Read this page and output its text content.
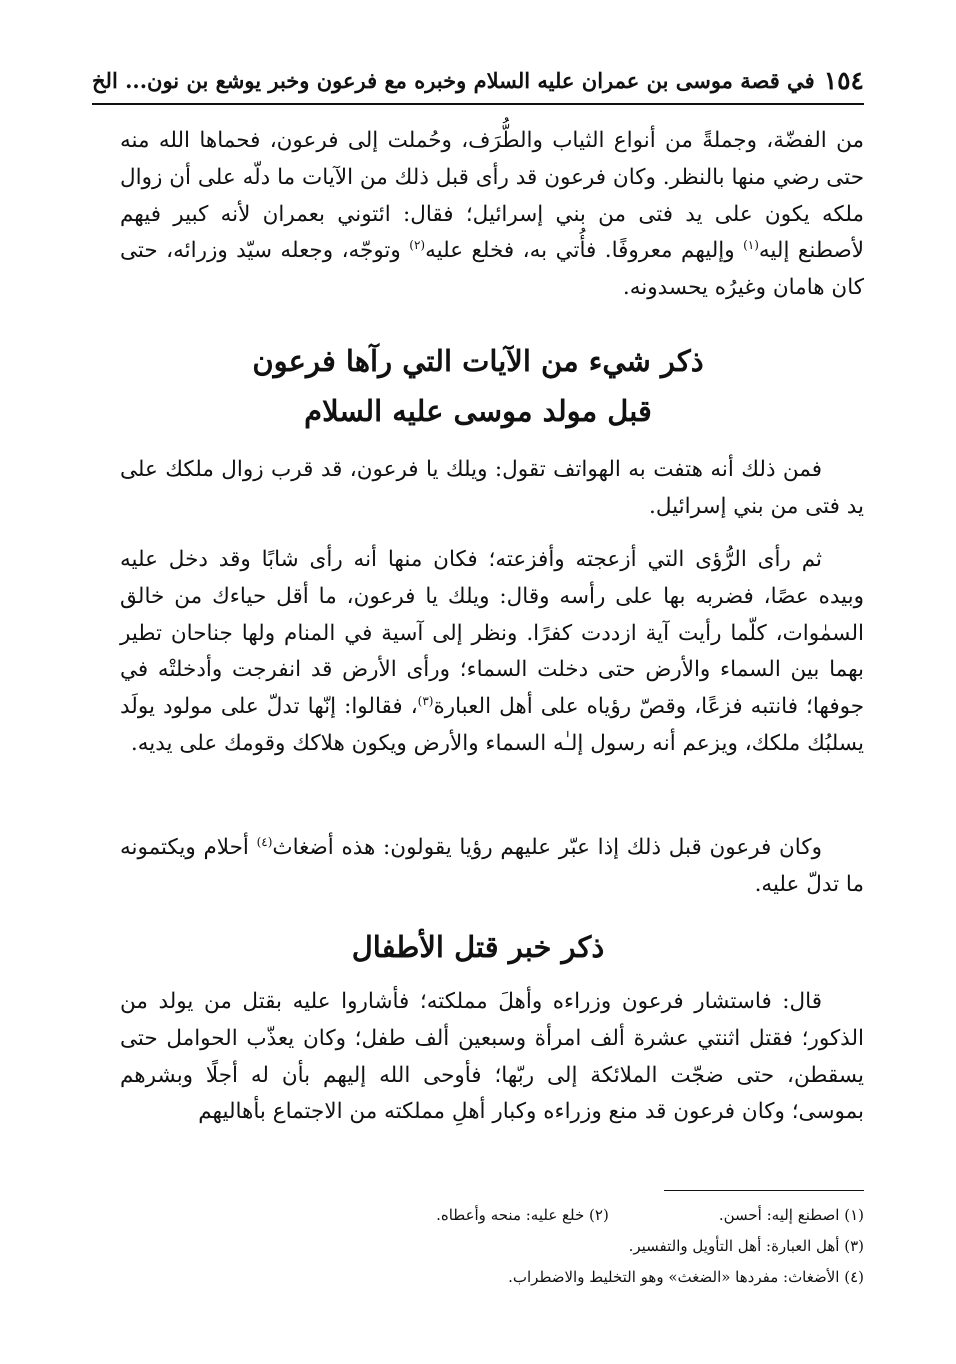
١٥٤
في قصة موسى بن عمران عليه السلام وخبره مع فرعون وخبر يوشع بن نون... الخ

من الفضّة، وجملةً من أنواع الثياب والطُّرَف، وحُملت إلى فرعون، فحماها الله منه حتى رضي منها بالنظر. وكان فرعون قد رأى قبل ذلك من الآيات ما دلّه على أن زوال ملكه يكون على يد فتى من بني إسرائيل؛ فقال: ائتوني بعمران لأنه كبير فيهم لأصطنع إليه$^{(١)}$ وإليهم معروفًا. فأُتي به، فخلع عليه$^{(٢)}$ وتوجّه، وجعله سيّد وزرائه، حتى كان هامان وغيرُه يحسدونه.

ذكر شيء من الآيات التي رآها فرعون
قبل مولد موسى عليه السلام

فمن ذلك أنه هتفت به الهواتف تقول: ويلك يا فرعون، قد قرب زوال ملكك على يد فتى من بني إسرائيل.

ثم رأى الرُّؤى التي أزعجته وأفزعته؛ فكان منها أنه رأى شابًا وقد دخل عليه وبيده عصًا، فضربه بها على رأسه وقال: ويلك يا فرعون، ما أقل حياءك من خالق السمٰوات، كلّما رأيت آية ازددت كفرًا. ونظر إلى آسية في المنام ولها جناحان تطير بهما بين السماء والأرض حتى دخلت السماء؛ ورأى الأرض قد انفرجت وأدخلتْه في جوفها؛ فانتبه فزعًا، وقصّ رؤياه على أهل العبارة$^{(٣)}$، فقالوا: إنّها تدلّ على مولود يولَد يسلبُك ملكك، ويزعم أنه رسول إلـٰه السماء والأرض ويكون هلاكك وقومك على يديه.

وكان فرعون قبل ذلك إذا عبّر عليهم رؤيا يقولون: هذه أضغاث$^{(٤)}$ أحلام ويكتمونه ما تدلّ عليه.

ذكر خبر قتل الأطفال

قال: فاستشار فرعون وزراءه وأهلَ مملكته؛ فأشاروا عليه بقتل من يولد من الذكور؛ فقتل اثنتي عشرة ألف امرأة وسبعين ألف طفل؛ وكان يعذّب الحوامل حتى يسقطن، حتى ضجّت الملائكة إلى ربّها؛ فأوحى الله إليهم بأن له أجلًا وبشرهم بموسى؛ وكان فرعون قد منع وزراءه وكبار أهلِ مملكته من الاجتماع بأهاليهم

(١) اصطنع إليه: أحسن.
(٢) خلع عليه: منحه وأعطاه.
(٣) أهل العبارة: أهل التأويل والتفسير.
(٤) الأضغاث: مفردها «الضغث» وهو التخليط والاضطراب.
